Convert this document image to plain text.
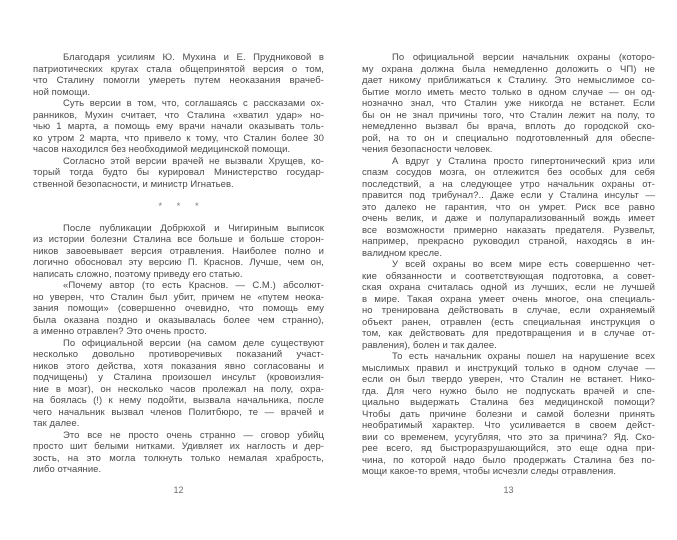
Благодаря усилиям Ю. Мухина и Е. Прудниковой в
патриотических кругах стала общепринятой версия о том,
что Сталину помогли умереть путем неоказания врачеб-
ной помощи.
Суть версии в том, что, соглашаясь с рассказами ох-
ранников, Мухин считает, что Сталина «хватил удар» но-
чью 1 марта, а помощь ему врачи начали оказывать толь-
ко утром 2 марта, что привело к тому, что Сталин более 30
часов находился без необходимой медицинской помощи.
Согласно этой версии врачей не вызвали Хрущев, ко-
торый тогда будто бы курировал Министерство государ-
ственной безопасности, и министр Игнатьев.
* * *
После публикации Добрюхой и Чигириным выписок
из истории болезни Сталина все больше и больше сторон-
ников завоевывает версия отравления. Наиболее полно и
логично обосновал эту версию П. Краснов. Лучше, чем он,
написать сложно, поэтому приведу его статью.
«Почему автор (то есть Краснов. — С.М.) абсолют-
но уверен, что Сталин был убит, причем не «путем неока-
зания помощи» (совершенно очевидно, что помощь ему
была оказана поздно и оказывалась более чем странно),
а именно отравлен? Это очень просто.
По официальной версии (на самом деле существуют
несколько довольно противоречивых показаний участ-
ников этого действа, хотя показания явно согласованы и
подчищены) у Сталина произошел инсульт (кровоизлия-
ние в мозг), он несколько часов пролежал на полу, охра-
на боялась (!) к нему подойти, вызвала начальника, после
чего начальник вызвал членов Политбюро, те — врачей и
так далее.
Это все не просто очень странно — сговор убийц
просто шит белыми нитками. Удивляет их наглость и дер-
зость, на это могла толкнуть только немалая храбрость,
либо отчаяние.
По официальной версии начальник охраны (которо-
му охрана должна была немедленно доложить о ЧП) не
дает никому приближаться к Сталину. Это немыслимое со-
бытие могло иметь место только в одном случае — он од-
нозначно знал, что Сталин уже никогда не встанет. Если
бы он не знал причины того, что Сталин лежит на полу, то
немедленно вызвал бы врача, вплоть до городской ско-
рой, на то он и специально подготовленный для обеспе-
чения безопасности человек.
А вдруг у Сталина просто гипертонический криз или
спазм сосудов мозга, он отлежится без особых для себя
последствий, а на следующее утро начальник охраны от-
правится под трибунал?.. Даже если у Сталина инсульт —
это далеко не гарантия, что он умрет. Риск все равно
очень велик, и даже и полупарализованный вождь имеет
все возможности примерно наказать предателя. Рузвельт,
например, прекрасно руководил страной, находясь в ин-
валидном кресле.
У всей охраны во всем мире есть совершенно чет-
кие обязанности и соответствующая подготовка, а совет-
ская охрана считалась одной из лучших, если не лучшей
в мире. Такая охрана умеет очень многое, она специаль-
но тренирована действовать в случае, если охраняемый
объект ранен, отравлен (есть специальная инструкция о
том, как действовать для предотвращения и в случае от-
равления), болен и так далее.
То есть начальник охраны пошел на нарушение всех
мыслимых правил и инструкций только в одном случае —
если он был твердо уверен, что Сталин не встанет. Нико-
гда. Для чего нужно было не подпускать врачей и спе-
циально выдержать Сталина без медицинской помощи?
Чтобы дать причине болезни и самой болезни принять
необратимый характер. Что усиливается в своем дейст-
вии со временем, усугубляя, что это за причина? Яд. Ско-
рее всего, яд быстроразрушающийся, это еще одна при-
чина, по которой надо было продержать Сталина без по-
мощи какое-то время, чтобы исчезли следы отравления.
12	13
